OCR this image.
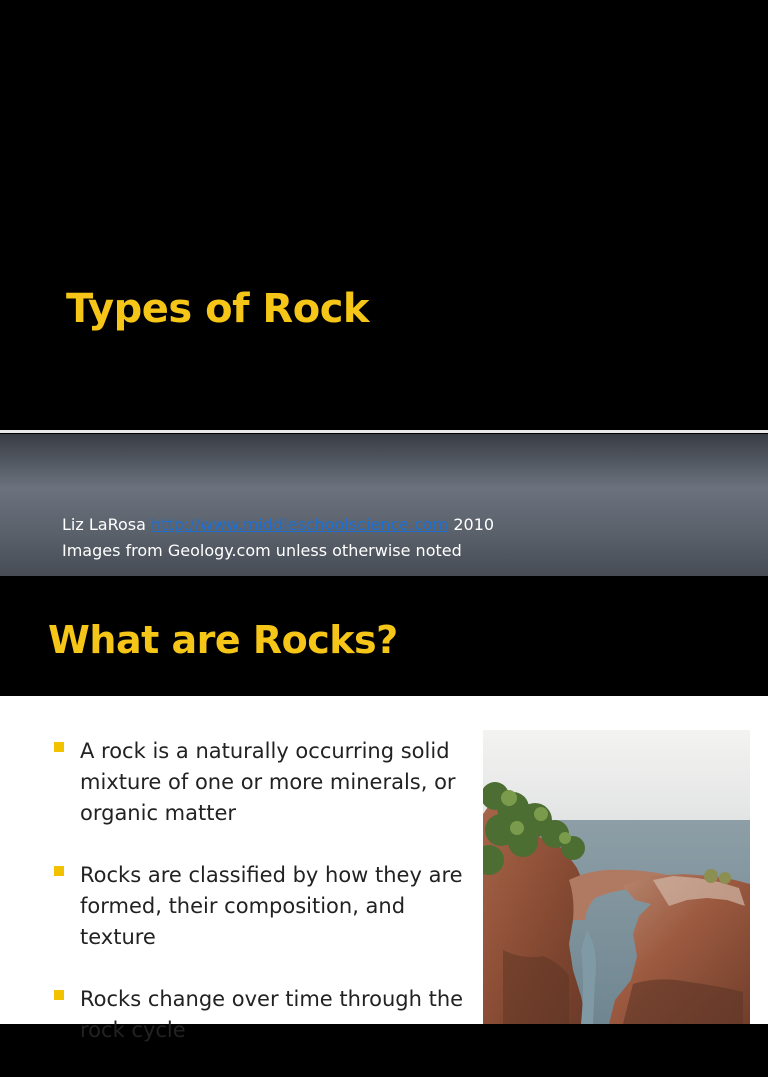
Types of Rock
Liz LaRosa http://www.middleschoolscience.com 2010
Images from Geology.com unless otherwise noted
What are Rocks?
A rock is a naturally occurring solid mixture of one or more minerals, or organic matter
Rocks are classified by how they are formed, their composition, and texture
Rocks change over time through the rock cycle
